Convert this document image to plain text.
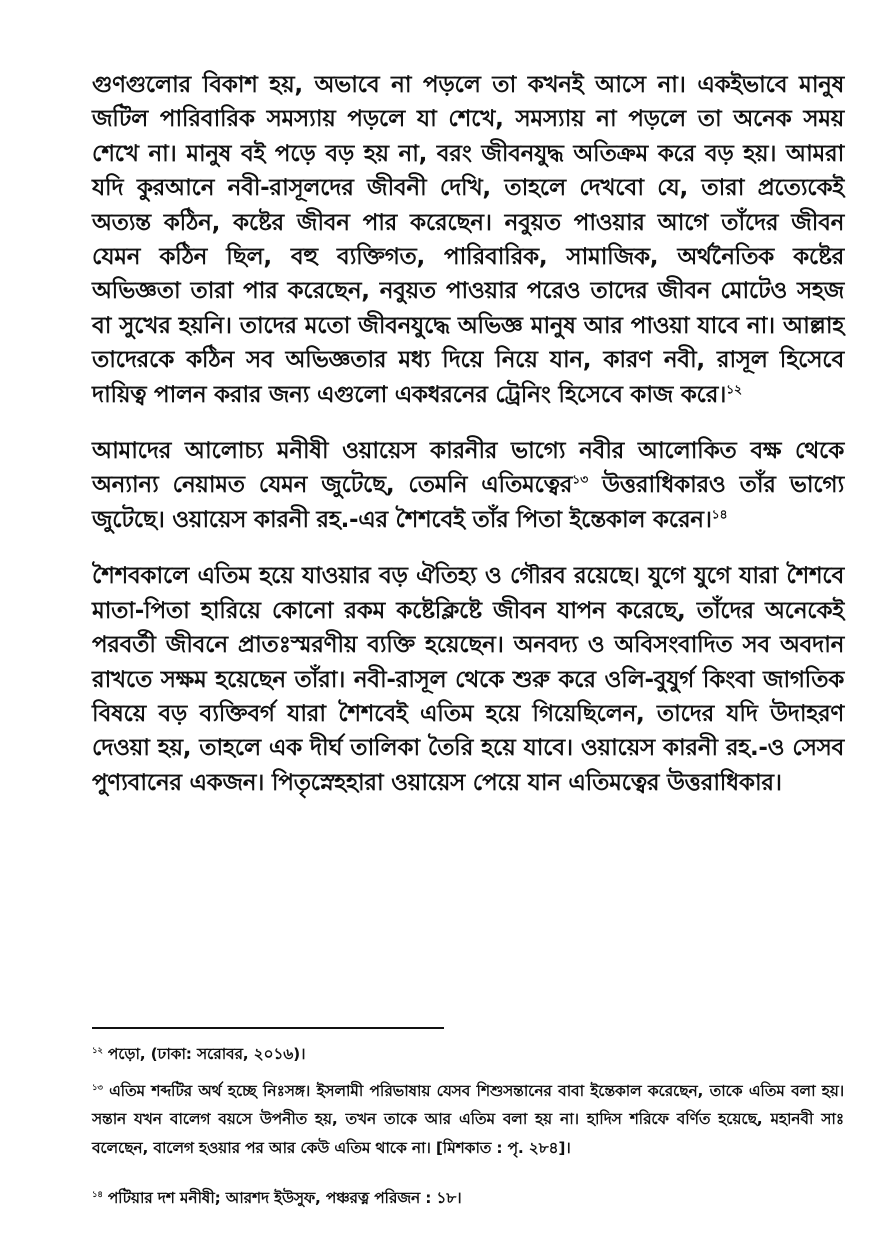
গুণগুলোর বিকাশ হয়, অভাবে না পড়লে তা কখনই আসে না। একইভাবে মানুষ জটিল পারিবারিক সমস্যায় পড়লে যা শেখে, সমস্যায় না পড়লে তা অনেক সময় শেখে না। মানুষ বই পড়ে বড় হয় না, বরং জীবনযুদ্ধ অতিক্রম করে বড় হয়। আমরা যদি কুরআনে নবী-রাসূলদের জীবনী দেখি, তাহলে দেখবো যে, তারা প্রত্যেকেই অত্যন্ত কঠিন, কষ্টের জীবন পার করেছেন। নবুয়ত পাওয়ার আগে তাঁদের জীবন যেমন কঠিন ছিল, বহু ব্যক্তিগত, পারিবারিক, সামাজিক, অর্থনৈতিক কষ্টের অভিজ্ঞতা তারা পার করেছেন, নবুয়ত পাওয়ার পরেও তাদের জীবন মোটেও সহজ বা সুখের হয়নি। তাদের মতো জীবনযুদ্ধে অভিজ্ঞ মানুষ আর পাওয়া যাবে না। আল্লাহ তাদেরকে কঠিন সব অভিজ্ঞতার মধ্য দিয়ে নিয়ে যান, কারণ নবী, রাসূল হিসেবে দায়িত্ব পালন করার জন্য এগুলো একধরনের ট্রেনিং হিসেবে কাজ করে।$^{১২}$

আমাদের আলোচ্য মনীষী ওয়ায়েস কারনীর ভাগ্যে নবীর আলোকিত বক্ষ থেকে অন্যান্য নেয়ামত যেমন জুটেছে, তেমনি এতিমত্বের$^{১৩}$ উত্তরাধিকারও তাঁর ভাগ্যে জুটেছে। ওয়ায়েস কারনী রহ.-এর শৈশবেই তাঁর পিতা ইন্তেকাল করেন।$^{১৪}$

শৈশবকালে এতিম হয়ে যাওয়ার বড় ঐতিহ্য ও গৌরব রয়েছে। যুগে যুগে যারা শৈশবে মাতা-পিতা হারিয়ে কোনো রকম কষ্টেক্লিষ্টে জীবন যাপন করেছে, তাঁদের অনেকেই পরবর্তী জীবনে প্রাতঃস্মরণীয় ব্যক্তি হয়েছেন। অনবদ্য ও অবিসংবাদিত সব অবদান রাখতে সক্ষম হয়েছেন তাঁরা। নবী-রাসূল থেকে শুরু করে ওলি-বুযুর্গ কিংবা জাগতিক বিষয়ে বড় ব্যক্তিবর্গ যারা শৈশবেই এতিম হয়ে গিয়েছিলেন, তাদের যদি উদাহরণ দেওয়া হয়, তাহলে এক দীর্ঘ তালিকা তৈরি হয়ে যাবে। ওয়ায়েস কারনী রহ.-ও সেসব পুণ্যবানের একজন। পিতৃস্নেহহারা ওয়ায়েস পেয়ে যান এতিমত্বের উত্তরাধিকার।

$^{১২}$ পড়ো, (ঢাকা: সরোবর, ২০১৬)।

$^{১৩}$ এতিম শব্দটির অর্থ হচ্ছে নিঃসঙ্গ। ইসলামী পরিভাষায় যেসব শিশুসন্তানের বাবা ইন্তেকাল করেছেন, তাকে এতিম বলা হয়। সন্তান যখন বালেগ বয়সে উপনীত হয়, তখন তাকে আর এতিম বলা হয় না। হাদিস শরিফে বর্ণিত হয়েছে, মহানবী সাঃ বলেছেন, বালেগ হওয়ার পর আর কেউ এতিম থাকে না। [মিশকাত : পৃ. ২৮৪]।

$^{১৪}$ পটিয়ার দশ মনীষী; আরশদ ইউসুফ, পঞ্চরত্ন পরিজন : ১৮।
